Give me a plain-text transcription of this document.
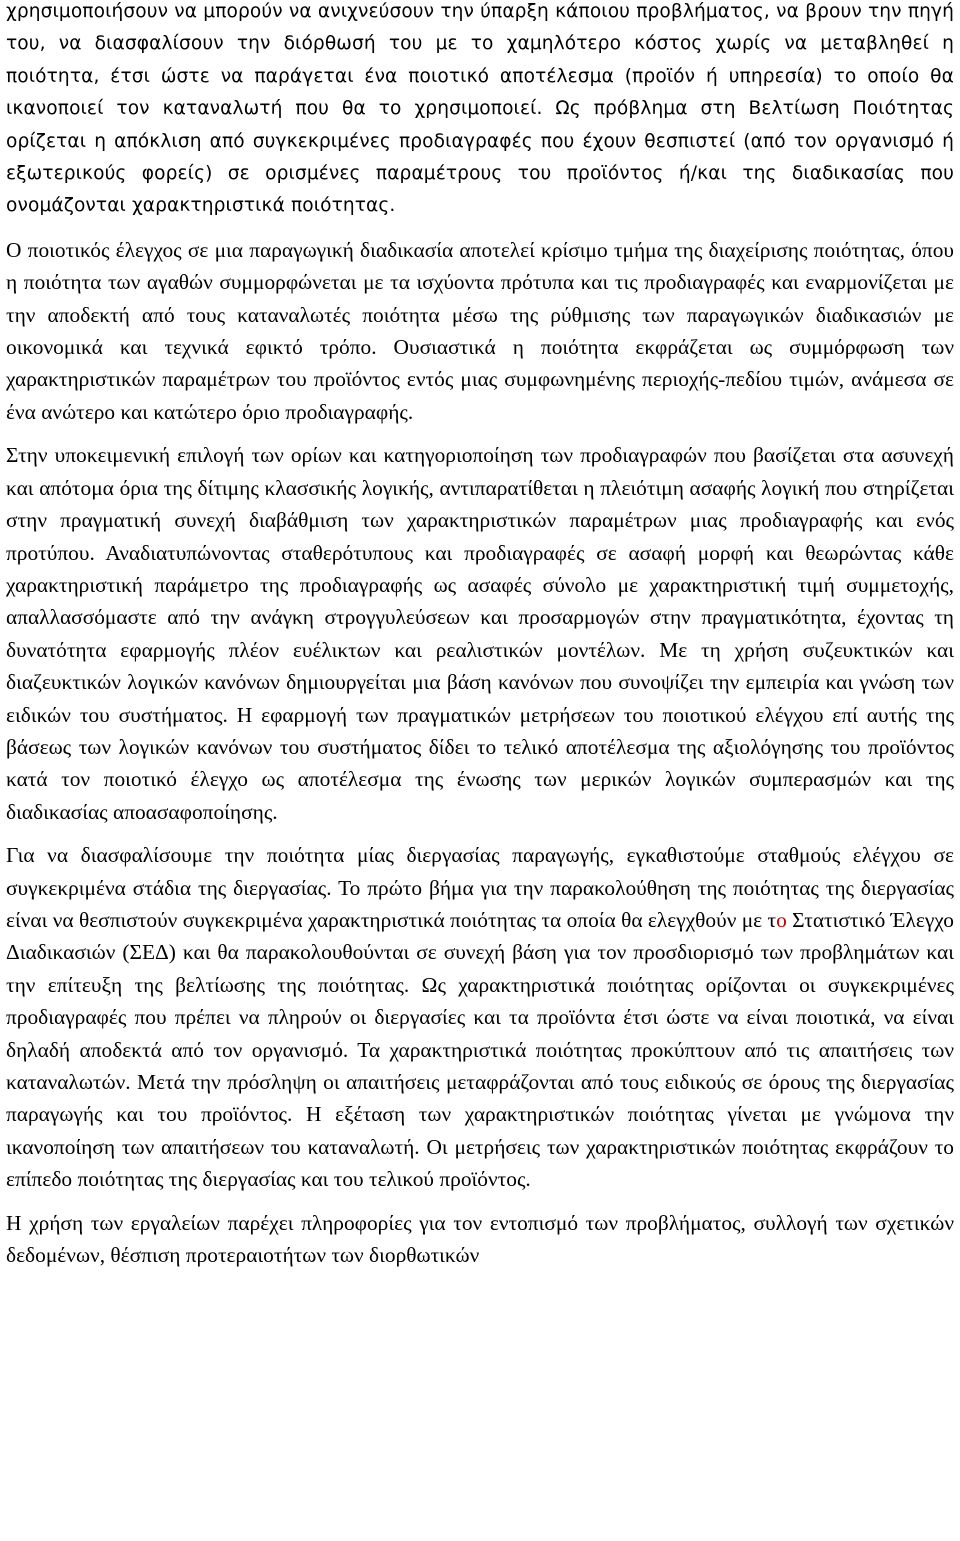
χρησιμοποιήσουν να μπορούν να ανιχνεύσουν την ύπαρξη κάποιου προβλήματος, να βρουν την πηγή του, να διασφαλίσουν την διόρθωσή του με το χαμηλότερο κόστος χωρίς να μεταβληθεί η ποιότητα, έτσι ώστε να παράγεται ένα ποιοτικό αποτέλεσμα (προϊόν ή υπηρεσία) το οποίο θα ικανοποιεί τον καταναλωτή που θα το χρησιμοποιεί. Ως πρόβλημα στη Βελτίωση Ποιότητας ορίζεται η απόκλιση από συγκεκριμένες προδιαγραφές που έχουν θεσπιστεί (από τον οργανισμό ή εξωτερικούς φορείς) σε ορισμένες παραμέτρους του προϊόντος ή/και της διαδικασίας που ονομάζονται χαρακτηριστικά ποιότητας.

Ο ποιοτικός έλεγχος σε μια παραγωγική διαδικασία αποτελεί κρίσιμο τμήμα της διαχείρισης ποιότητας, όπου η ποιότητα των αγαθών συμμορφώνεται με τα ισχύοντα πρότυπα και τις προδιαγραφές και εναρμονίζεται με την αποδεκτή από τους καταναλωτές ποιότητα μέσω της ρύθμισης των παραγωγικών διαδικασιών με οικονομικά και τεχνικά εφικτό τρόπο. Ουσιαστικά η ποιότητα εκφράζεται ως συμμόρφωση των χαρακτηριστικών παραμέτρων του προϊόντος εντός μιας συμφωνημένης περιοχής-πεδίου τιμών, ανάμεσα σε ένα ανώτερο και κατώτερο όριο προδιαγραφής.

Στην υποκειμενική επιλογή των ορίων και κατηγοριοποίηση των προδιαγραφών που βασίζεται στα ασυνεχή και απότομα όρια της δίτιμης κλασσικής λογικής, αντιπαρατίθεται η πλειότιμη ασαφής λογική που στηρίζεται στην πραγματική συνεχή διαβάθμιση των χαρακτηριστικών παραμέτρων μιας προδιαγραφής και ενός προτύπου. Αναδιατυπώνοντας σταθερότυπους και προδιαγραφές σε ασαφή μορφή και θεωρώντας κάθε χαρακτηριστική παράμετρο της προδιαγραφής ως ασαφές σύνολο με χαρακτηριστική τιμή συμμετοχής, απαλλασσόμαστε από την ανάγκη στρογγυλεύσεων και προσαρμογών στην πραγματικότητα, έχοντας τη δυνατότητα εφαρμογής πλέον ευέλικτων και ρεαλιστικών μοντέλων. Με τη χρήση συζευκτικών και διαζευκτικών λογικών κανόνων δημιουργείται μια βάση κανόνων που συνοψίζει την εμπειρία και γνώση των ειδικών του συστήματος. Η εφαρμογή των πραγματικών μετρήσεων του ποιοτικού ελέγχου επί αυτής της βάσεως των λογικών κανόνων του συστήματος δίδει το τελικό αποτέλεσμα της αξιολόγησης του προϊόντος κατά τον ποιοτικό έλεγχο ως αποτέλεσμα της ένωσης των μερικών λογικών συμπερασμών και της διαδικασίας αποασαφοποίησης.

Για να διασφαλίσουμε την ποιότητα μίας διεργασίας παραγωγής, εγκαθιστούμε σταθμούς ελέγχου σε συγκεκριμένα στάδια της διεργασίας. Το πρώτο βήμα για την παρακολούθηση της ποιότητας της διεργασίας είναι να θεσπιστούν συγκεκριμένα χαρακτηριστικά ποιότητας τα οποία θα ελεγχθούν με το Στατιστικό Έλεγχο Διαδικασιών (ΣΕΔ) και θα παρακολουθούνται σε συνεχή βάση για τον προσδιορισμό των προβλημάτων και την επίτευξη της βελτίωσης της ποιότητας. Ως χαρακτηριστικά ποιότητας ορίζονται οι συγκεκριμένες προδιαγραφές που πρέπει να πληρούν οι διεργασίες και τα προϊόντα έτσι ώστε να είναι ποιοτικά, να είναι δηλαδή αποδεκτά από τον οργανισμό. Τα χαρακτηριστικά ποιότητας προκύπτουν από τις απαιτήσεις των καταναλωτών. Μετά την πρόσληψη οι απαιτήσεις μεταφράζονται από τους ειδικούς σε όρους της διεργασίας παραγωγής και του προϊόντος. Η εξέταση των χαρακτηριστικών ποιότητας γίνεται με γνώμονα την ικανοποίηση των απαιτήσεων του καταναλωτή. Οι μετρήσεις των χαρακτηριστικών ποιότητας εκφράζουν το επίπεδο ποιότητας της διεργασίας και του τελικού προϊόντος.

Η χρήση των εργαλείων παρέχει πληροφορίες για τον εντοπισμό των προβλήματος, συλλογή των σχετικών δεδομένων, θέσπιση προτεραιοτήτων των διορθωτικών
